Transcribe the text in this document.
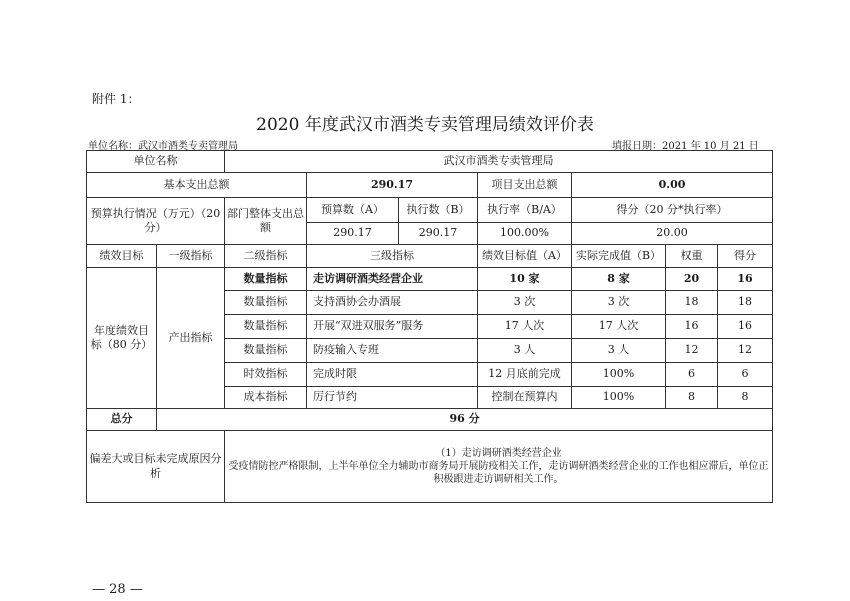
附件 1：
2020 年度武汉市酒类专卖管理局绩效评价表
单位名称：武汉市酒类专卖管理局	填报日期：2021 年 10 月 21 日
单位名称		武汉市酒类专卖管理局						
基本支出总额			290.17		项目支出总额	0.00		
预算执行情况（万元）（20 分）		部门整体支出总额	预算数（A）	执行数（B）	执行率（B/A）	得分（20 分*执行率）		
			290.17	290.17	100.00%	20.00		
绩效目标	一级指标	二级指标	三级指标		绩效目标值（A）	实际完成值（B）	权重	得分
年度绩效目标（80 分）	产出指标	数量指标	走访调研酒类经营企业		10 家	8 家	20	16
		数量指标	支持酒协会办酒展		3 次	3 次	18	18
		数量指标	开展“双进双服务”服务		17 人次	17 人次	16	16
		数量指标	防疫输入专班		3 人	3 人	12	12
		时效指标	完成时限		12 月底前完成	100%	6	6
		成本指标	厉行节约		控制在预算内	100%	8	8
总分	96 分							
偏差大或目标未完成原因分析		（1）走访调研酒类经营企业
受疫情防控严格限制，上半年单位全力辅助市商务局开展防疫相关工作，走访调研酒类经营企业的工作也相应滞后，单位正积极跟进走访调研相关工作。						
— 28 —
